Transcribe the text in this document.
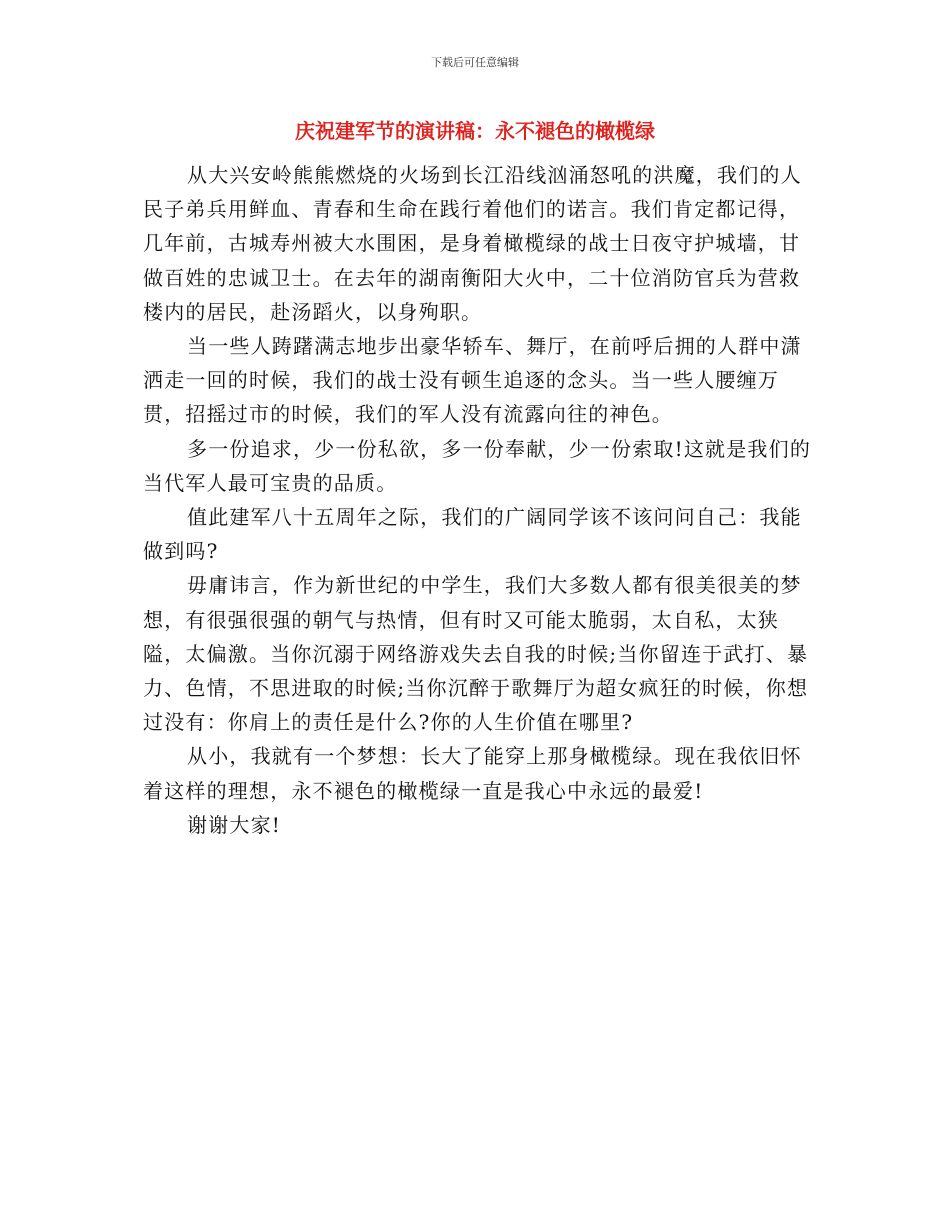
下载后可任意编辑
庆祝建军节的演讲稿：永不褪色的橄榄绿

从大兴安岭熊熊燃烧的火场到长江沿线汹涌怒吼的洪魔，我们的人民子弟兵用鲜血、青春和生命在践行着他们的诺言。我们肯定都记得，几年前，古城寿州被大水围困，是身着橄榄绿的战士日夜守护城墙，甘做百姓的忠诚卫士。在去年的湖南衡阳大火中，二十位消防官兵为营救楼内的居民，赴汤蹈火，以身殉职。

当一些人踌躇满志地步出豪华轿车、舞厅，在前呼后拥的人群中潇洒走一回的时候，我们的战士没有顿生追逐的念头。当一些人腰缠万贯，招摇过市的时候，我们的军人没有流露向往的神色。

多一份追求，少一份私欲，多一份奉献，少一份索取!这就是我们的当代军人最可宝贵的品质。

值此建军八十五周年之际，我们的广阔同学该不该问问自己：我能做到吗?

毋庸讳言，作为新世纪的中学生，我们大多数人都有很美很美的梦想，有很强很强的朝气与热情，但有时又可能太脆弱，太自私，太狭隘，太偏激。当你沉溺于网络游戏失去自我的时候;当你留连于武打、暴力、色情，不思进取的时候;当你沉醉于歌舞厅为超女疯狂的时候，你想过没有：你肩上的责任是什么?你的人生价值在哪里?

从小，我就有一个梦想：长大了能穿上那身橄榄绿。现在我依旧怀着这样的理想，永不褪色的橄榄绿一直是我心中永远的最爱!

谢谢大家!
